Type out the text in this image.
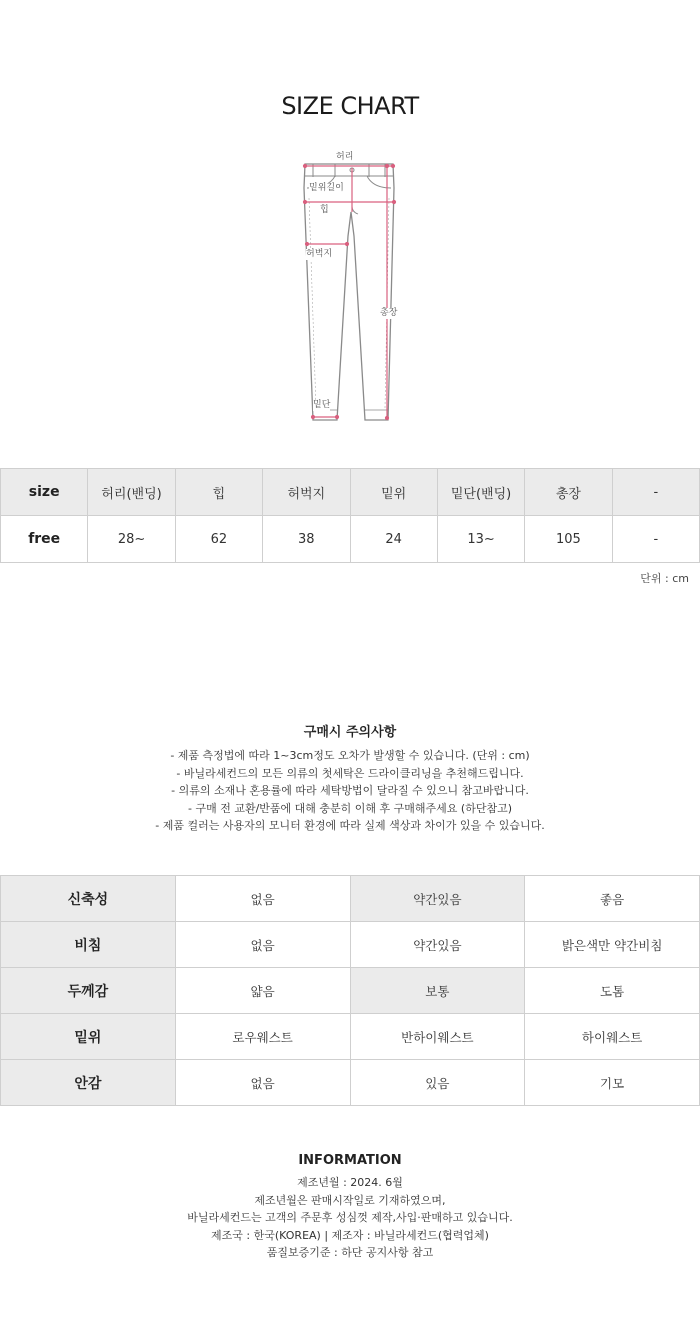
SIZE CHART
허리
밑위길이
힙
허벅지
총장
밑단
size	허리(밴딩)	힙	허벅지	밑위	밑단(밴딩)	총장	-
free	28~	62	38	24	13~	105	-
단위 : cm
구매시 주의사항

- 제품 측정법에 따라 1~3cm정도 오차가 발생할 수 있습니다. (단위 : cm)

- 바닐라세컨드의 모든 의류의 첫세탁은 드라이클리닝을 추천해드립니다.

- 의류의 소재나 혼용률에 따라 세탁방법이 달라질 수 있으니 참고바랍니다.

- 구매 전 교환/반품에 대해 충분히 이해 후 구매해주세요 (하단참고)

- 제품 컬러는 사용자의 모니터 환경에 따라 실제 색상과 차이가 있을 수 있습니다.

신축성	없음	약간있음	좋음
비침	없음	약간있음	밝은색만 약간비침
두께감	얇음	보통	도톰
밑위	로우웨스트	반하이웨스트	하이웨스트
안감	없음	있음	기모
INFORMATION

제조년월 : 2024. 6월

제조년월은 판매시작일로 기재하였으며,

바닐라세컨드는 고객의 주문후 성심껏 제작,사입·판매하고 있습니다.

제조국 : 한국(KOREA) | 제조자 : 바닐라세컨드(협력업체)

품질보증기준 : 하단 공지사항 참고
